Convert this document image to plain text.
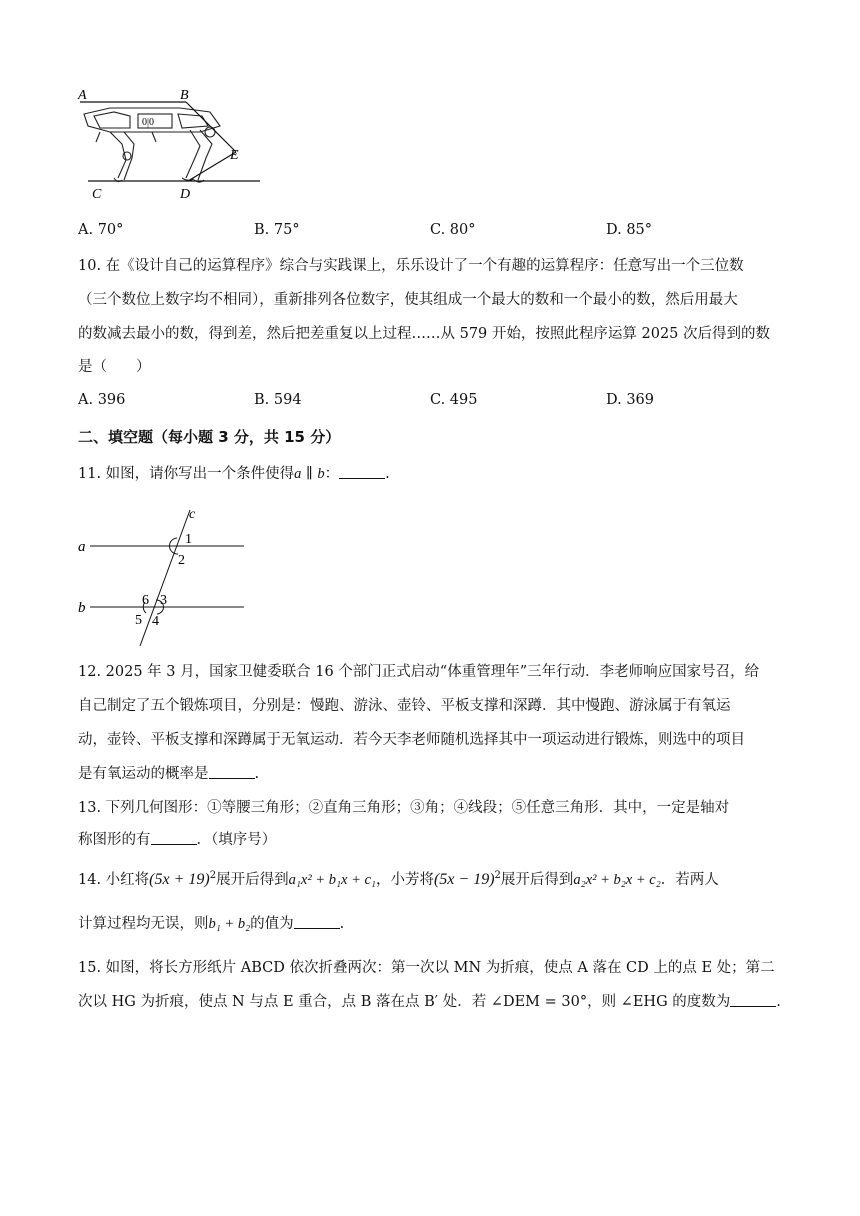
A	B
E
C	D
0|0
A. 70°	B. 75°	C. 80°	D. 85°
10. 在《设计自己的运算程序》综合与实践课上，乐乐设计了一个有趣的运算程序：任意写出一个三位数
（三个数位上数字均不相同），重新排列各位数字，使其组成一个最大的数和一个最小的数，然后用最大
的数减去最小的数，得到差，然后把差重复以上过程……从 579 开始，按照此程序运算 2025 次后得到的数
是（　　）
A. 396	B. 594	C. 495	D. 369
二、填空题（每小题 3 分，共 15 分）
11. 如图，请你写出一个条件使得a ∥ b：	.
c
a
b
1
2
6 3
5 4
12. 2025 年 3 月，国家卫健委联合 16 个部门正式启动“体重管理年”三年行动．李老师响应国家号召，给
自己制定了五个锻炼项目，分别是：慢跑、游泳、壶铃、平板支撑和深蹲．其中慢跑、游泳属于有氧运
动，壶铃、平板支撑和深蹲属于无氧运动．若今天李老师随机选择其中一项运动进行锻炼，则选中的项目
是有氧运动的概率是	.
13. 下列几何图形：①等腰三角形；②直角三角形；③角；④线段；⑤任意三角形．其中，一定是轴对
称图形的有	．（填序号）
14. 小红将$(5x + 19)^2$展开后得到a₁x² + b₁x + c₁，小芳将$(5x - 19)^2$展开后得到a₂x² + b₂x + c₂．若两人
计算过程均无误，则b₁ + b₂的值为	.
15. 如图，将长方形纸片 ABCD 依次折叠两次：第一次以 MN 为折痕，使点 A 落在 CD 上的点 E 处；第二
次以 HG 为折痕，使点 N 与点 E 重合，点 B 落在点 B′ 处．若 ∠DEM = 30°，则 ∠EHG 的度数为	.
